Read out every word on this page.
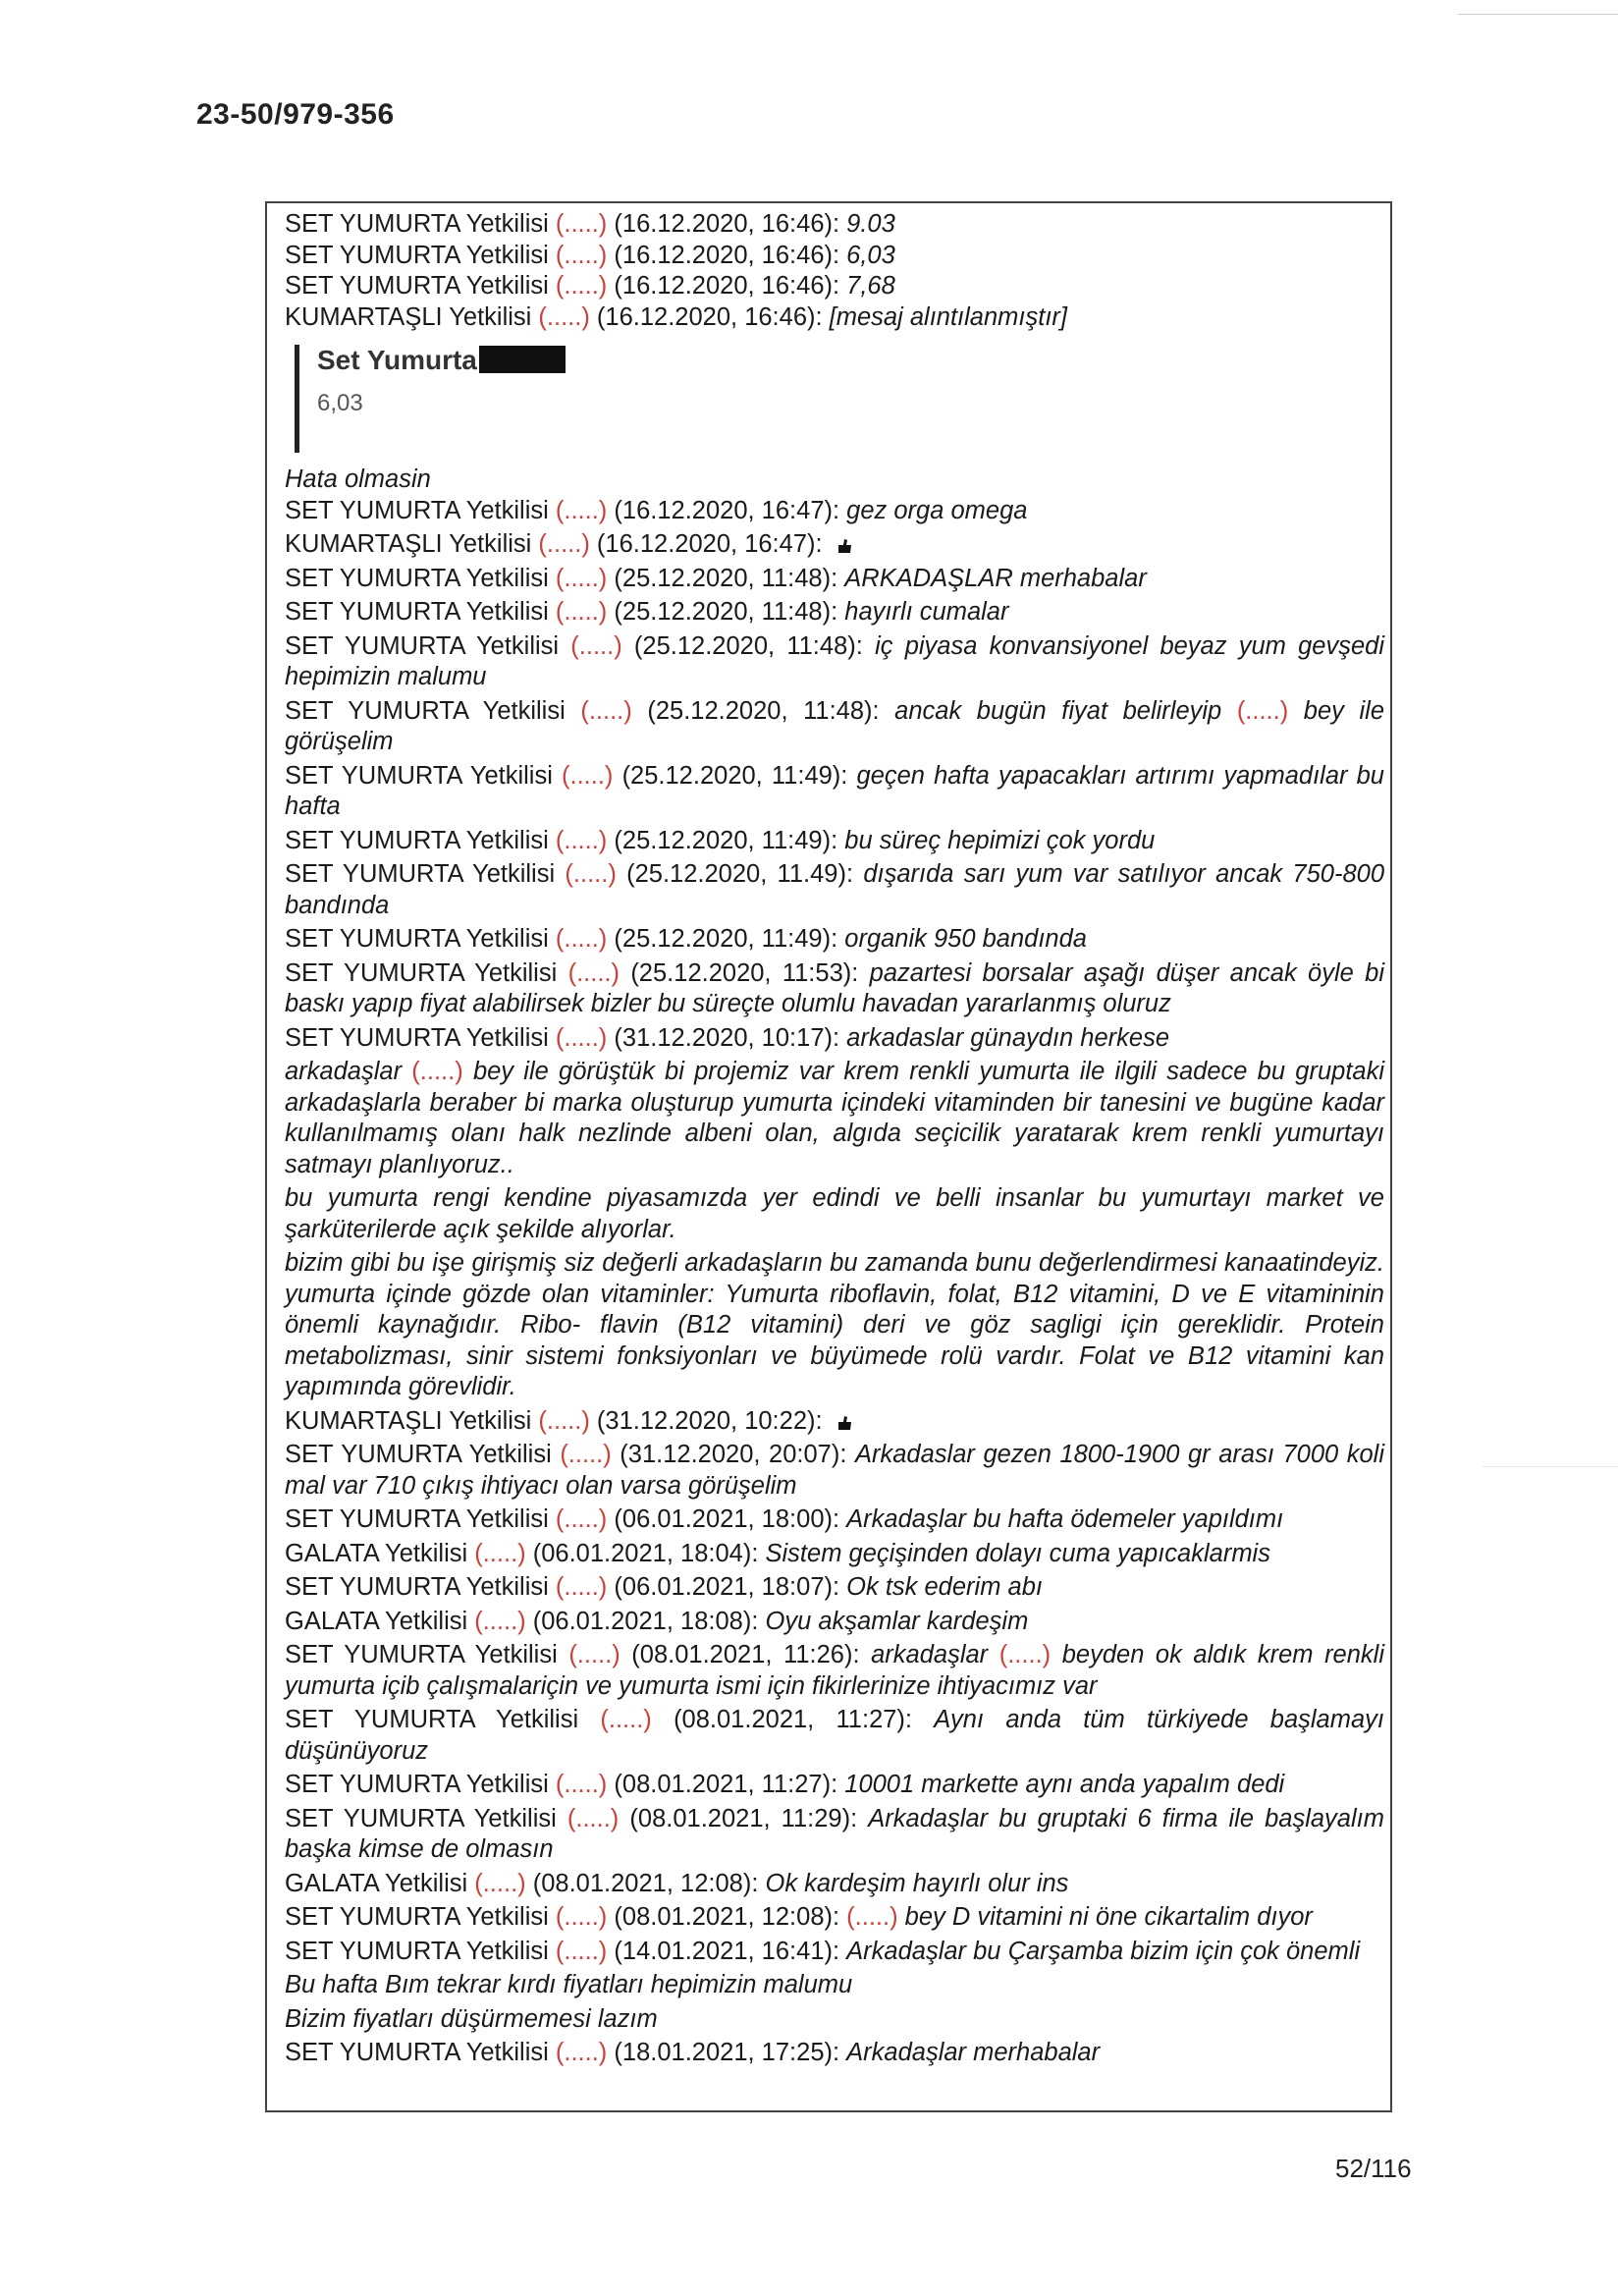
23-50/979-356
SET YUMURTA Yetkilisi (.....) (16.12.2020, 16:46): 9.03
SET YUMURTA Yetkilisi (.....) (16.12.2020, 16:46): 6,03
SET YUMURTA Yetkilisi (.....) (16.12.2020, 16:46): 7,68
KUMARTAŞLI Yetkilisi (.....) (16.12.2020, 16:46): [mesaj alıntılanmıştır]
Set Yumurta
6,03
Hata olmasin
SET YUMURTA Yetkilisi (.....) (16.12.2020, 16:47): gez orga omega
KUMARTAŞLI Yetkilisi (.....) (16.12.2020, 16:47):
SET YUMURTA Yetkilisi (.....) (25.12.2020, 11:48): ARKADAŞLAR merhabalar
SET YUMURTA Yetkilisi (.....) (25.12.2020, 11:48): hayırlı cumalar
SET YUMURTA Yetkilisi (.....) (25.12.2020, 11:48): iç piyasa konvansiyonel beyaz yum gevşedi hepimizin malumu
SET YUMURTA Yetkilisi (.....) (25.12.2020, 11:48): ancak bugün fiyat belirleyip (.....) bey ile görüşelim
SET YUMURTA Yetkilisi (.....) (25.12.2020, 11:49): geçen hafta yapacakları artırımı yapmadılar bu hafta
SET YUMURTA Yetkilisi (.....) (25.12.2020, 11:49): bu süreç hepimizi çok yordu
SET YUMURTA Yetkilisi (.....) (25.12.2020, 11.49): dışarıda sarı yum var satılıyor ancak 750-800 bandında
SET YUMURTA Yetkilisi (.....) (25.12.2020, 11:49): organik 950 bandında
SET YUMURTA Yetkilisi (.....) (25.12.2020, 11:53): pazartesi borsalar aşağı düşer ancak öyle bi baskı yapıp fiyat alabilirsek bizler bu süreçte olumlu havadan yararlanmış oluruz
SET YUMURTA Yetkilisi (.....) (31.12.2020, 10:17): arkadaslar günaydın herkese
arkadaşlar (.....) bey ile görüştük bi projemiz var krem renkli yumurta ile ilgili sadece bu gruptaki arkadaşlarla beraber bi marka oluşturup yumurta içindeki vitaminden bir tanesini ve bugüne kadar kullanılmamış olanı halk nezlinde albeni olan, algıda seçicilik yaratarak krem renkli yumurtayı satmayı planlıyoruz..
bu yumurta rengi kendine piyasamızda yer edindi ve belli insanlar bu yumurtayı market ve şarküterilerde açık şekilde alıyorlar.
bizim gibi bu işe girişmiş siz değerli arkadaşların bu zamanda bunu değerlendirmesi kanaatindeyiz. yumurta içinde gözde olan vitaminler: Yumurta riboflavin, folat, B12 vitamini, D ve E vitamininin önemli kaynağıdır. Ribo- flavin (B12 vitamini) deri ve göz sagligi için gereklidir. Protein metabolizması, sinir sistemi fonksiyonları ve büyümede rolü vardır. Folat ve B12 vitamini kan yapımında görevlidir.
KUMARTAŞLI Yetkilisi (.....) (31.12.2020, 10:22):
SET YUMURTA Yetkilisi (.....) (31.12.2020, 20:07): Arkadaslar gezen 1800-1900 gr arası 7000 koli mal var 710 çıkış ihtiyacı olan varsa görüşelim
SET YUMURTA Yetkilisi (.....) (06.01.2021, 18:00): Arkadaşlar bu hafta ödemeler yapıldımı
GALATA Yetkilisi (.....) (06.01.2021, 18:04): Sistem geçişinden dolayı cuma yapıcaklarmis
SET YUMURTA Yetkilisi (.....) (06.01.2021, 18:07): Ok tsk ederim abı
GALATA Yetkilisi (.....) (06.01.2021, 18:08): Oyu akşamlar kardeşim
SET YUMURTA Yetkilisi (.....) (08.01.2021, 11:26): arkadaşlar (.....) beyden ok aldık krem renkli yumurta içib çalışmalariçin ve yumurta ismi için fikirlerinize ihtiyacımız var
SET YUMURTA Yetkilisi (.....) (08.01.2021, 11:27): Aynı anda tüm türkiyede başlamayı düşünüyoruz
SET YUMURTA Yetkilisi (.....) (08.01.2021, 11:27): 10001 markette aynı anda yapalım dedi
SET YUMURTA Yetkilisi (.....) (08.01.2021, 11:29): Arkadaşlar bu gruptaki 6 firma ile başlayalım başka kimse de olmasın
GALATA Yetkilisi (.....) (08.01.2021, 12:08): Ok kardeşim hayırlı olur ins
SET YUMURTA Yetkilisi (.....) (08.01.2021, 12:08): (.....) bey D vitamini ni öne cikartalim dıyor
SET YUMURTA Yetkilisi (.....) (14.01.2021, 16:41): Arkadaşlar bu Çarşamba bizim için çok önemli
Bu hafta Bım tekrar kırdı fiyatları hepimizin malumu
Bizim fiyatları düşürmemesi lazım
SET YUMURTA Yetkilisi (.....) (18.01.2021, 17:25): Arkadaşlar merhabalar
52/116
